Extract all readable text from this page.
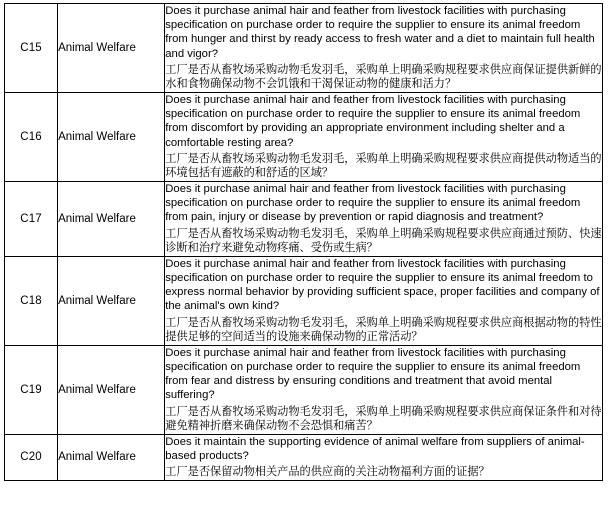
C15	Animal Welfare	Does it purchase animal hair and feather from livestock facilities with purchasing specification on purchase order to require the supplier to ensure its animal freedom from hunger and thirst by ready access to fresh water and a diet to maintain full health and vigor?

工厂是否从畜牧场采购动物毛发羽毛，采购单上明确采购规程要求供应商保证提供新鲜的水和食物确保动物不会饥饿和干渴保证动物的健康和活力？

C16	Animal Welfare	Does it purchase animal hair and feather from livestock facilities with purchasing specification on purchase order to require the supplier to ensure its animal freedom from discomfort by providing an appropriate environment including shelter and a comfortable resting area?

工厂是否从畜牧场采购动物毛发羽毛，采购单上明确采购规程要求供应商提供动物适当的环境包括有遮蔽的和舒适的区域？

C17	Animal Welfare	Does it purchase animal hair and feather from livestock facilities with purchasing specification on purchase order to require the supplier to ensure its animal freedom from pain, injury or disease by prevention or rapid diagnosis and treatment?

工厂是否从畜牧场采购动物毛发羽毛，采购单上明确采购规程要求供应商通过预防、快速诊断和治疗来避免动物疼痛、受伤或生病？

C18	Animal Welfare	Does it purchase animal hair and feather from livestock facilities with purchasing specification on purchase order to require the supplier to ensure its animal freedom to express normal behavior by providing sufficient space, proper facilities and company of the animal's own kind?

工厂是否从畜牧场采购动物毛发羽毛，采购单上明确采购规程要求供应商根据动物的特性提供足够的空间适当的设施来确保动物的正常活动？

C19	Animal Welfare	Does it purchase animal hair and feather from livestock facilities with purchasing specification on purchase order to require the supplier to ensure its animal freedom from fear and distress by ensuring conditions and treatment that avoid mental suffering?

工厂是否从畜牧场采购动物毛发羽毛，采购单上明确采购规程要求供应商保证条件和对待避免精神折磨来确保动物不会恐惧和痛苦？

C20	Animal Welfare	Does it maintain the supporting evidence of animal welfare from suppliers of animal-based products?

工厂是否保留动物相关产品的供应商的关注动物福利方面的证据？
